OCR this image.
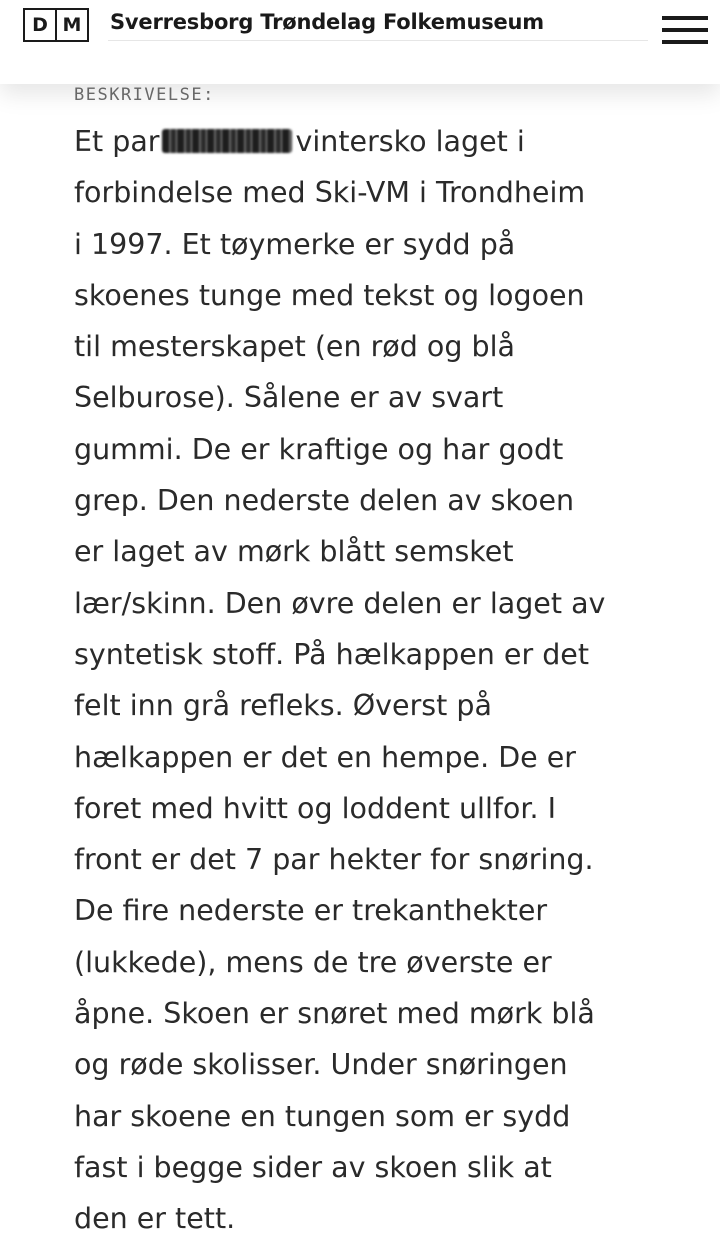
D M	Sverresborg Trøndelag Folkemuseum
BESKRIVELSE:
Et par	vintersko laget i
forbindelse med Ski-VM i Trondheim
i 1997. Et tøymerke er sydd på
skoenes tunge med tekst og logoen
til mesterskapet (en rød og blå
Selburose). Sålene er av svart
gummi. De er kraftige og har godt
grep. Den nederste delen av skoen
er laget av mørk blått semsket
lær/skinn. Den øvre delen er laget av
syntetisk stoff. På hælkappen er det
felt inn grå refleks. Øverst på
hælkappen er det en hempe. De er
foret med hvitt og loddent ullfor. I
front er det 7 par hekter for snøring.
De fire nederste er trekanthekter
(lukkede), mens de tre øverste er
åpne. Skoen er snøret med mørk blå
og røde skolisser. Under snøringen
har skoene en tungen som er sydd
fast i begge sider av skoen slik at
den er tett.
